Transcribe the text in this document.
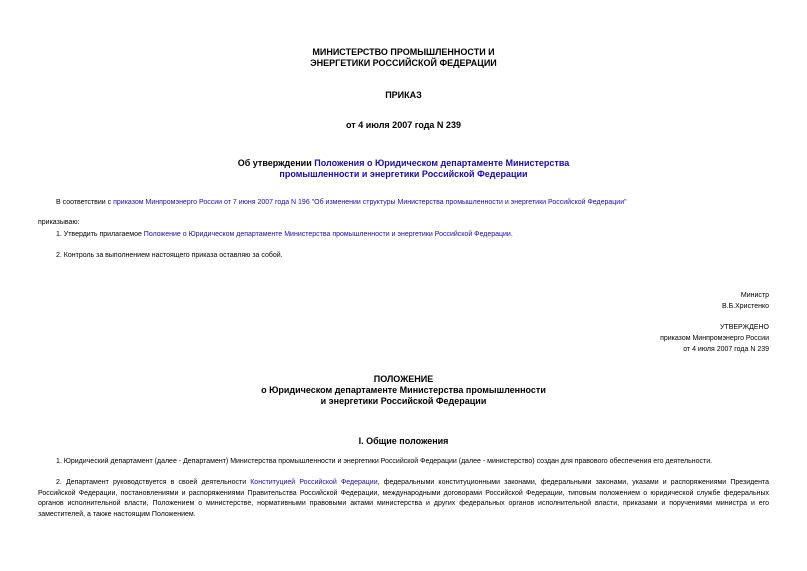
МИНИСТЕРСТВО ПРОМЫШЛЕННОСТИ И
ЭНЕРГЕТИКИ РОССИЙСКОЙ ФЕДЕРАЦИИ
ПРИКАЗ
от 4 июля 2007 года N 239
Об утверждении Положения о Юридическом департаменте Министерства
промышленности и энергетики Российской Федерации
В соответствии с приказом Минпромэнерго России от 7 июня 2007 года N 196 "Об изменении структуры Министерства промышленности и энергетики Российской Федерации"
приказываю:
1. Утвердить прилагаемое Положение о Юридическом департаменте Министерства промышленности и энергетики Российской Федерации.
2. Контроль за выполнением настоящего приказа оставляю за собой.
Министр
В.Б.Христенко
УТВЕРЖДЕНО
приказом Минпромэнерго России
от 4 июля 2007 года N 239
ПОЛОЖЕНИЕ
о Юридическом департаменте Министерства промышленности
и энергетики Российской Федерации
I. Общие положения
1. Юридический департамент (далее - Департамент) Министерства промышленности и энергетики Российской Федерации (далее - министерство) создан для правового обеспечения его деятельности.
2. Департамент руководствуется в своей деятельности Конституцией Российской Федерации, федеральными конституционными законами, федеральными законами, указами и распоряжениями Президента Российской Федерации, постановлениями и распоряжениями Правительства Российской Федерации, международными договорами Российской Федерации, типовым положением о юридической службе федеральных органов исполнительной власти, Положением о министерстве, нормативными правовыми актами министерства и других федеральных органов исполнительной власти, приказами и поручениями министра и его заместителей, а также настоящим Положением.
